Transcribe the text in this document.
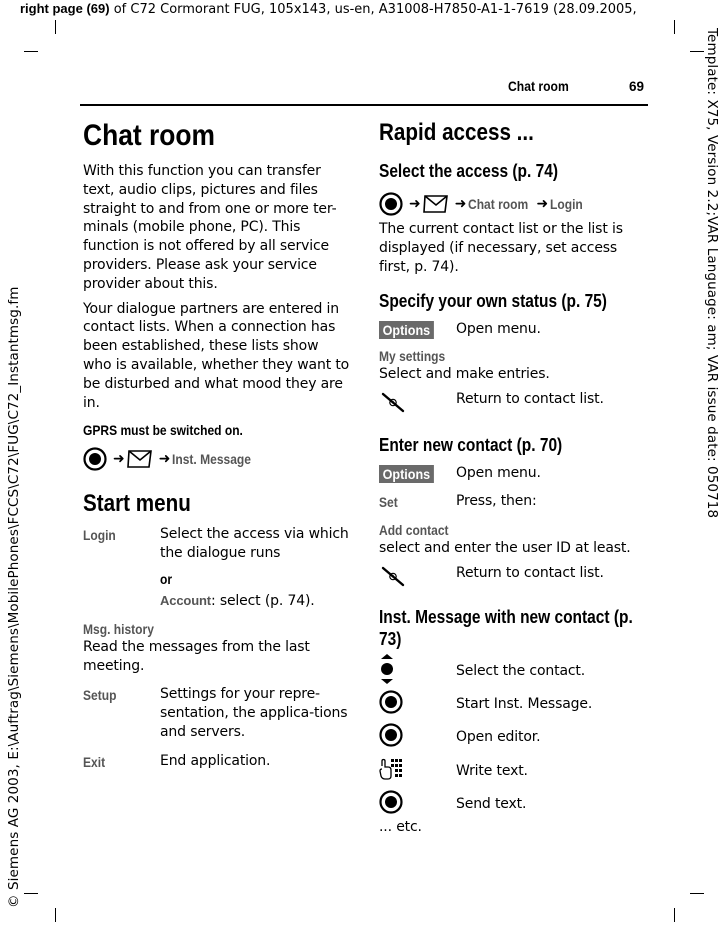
right page (69) of C72 Cormorant FUG, 105x143, us-en, A31008-H7850-A1-1-7619 (28.09.2005,
© Siemens AG 2003, E:\Auftrag\Siemens\MobilePhones\FCCS\C72\FUG\C72_Instantmsg.fm
Template: X75, Version 2.2;VAR Language: am; VAR issue date: 050718
Chat room	69
Chat room

With this function you can transfer text, audio clips, pictures and files straight to and from one or more ter-minals (mobile phone, PC). This function is not offered by all service providers. Please ask your service provider about this.

Your dialogue partners are entered in contact lists. When a connection has been established, these lists show who is available, whether they want to be disturbed and what mood they are in.

GPRS must be switched on.
➜ ➜ Inst. Message
Start menu
Login	Select the access via which the dialogue runs

or

Account: select (p. 74).

Msg. history

Read the messages from the last meeting.

Setup	Settings for your repre-sentation, the applica-tions and servers.

Exit	End application.

Rapid access ...
Select the access (p. 74)
➜ ➜ Chat room ➜ Login

The current contact list or the list is displayed (if necessary, set access first, p. 74).

Specify your own status (p. 75)
Options	Open menu.

My settings

Select and make entries.

Return to contact list.

Enter new contact (p. 70)
Options	Open menu.

Set	Press, then:

Add contact

select and enter the user ID at least.

Return to contact list.

Inst. Message with new contact (p. 73)

Select the contact.

Start Inst. Message.

Open editor.

Write text.

Send text.

... etc.
